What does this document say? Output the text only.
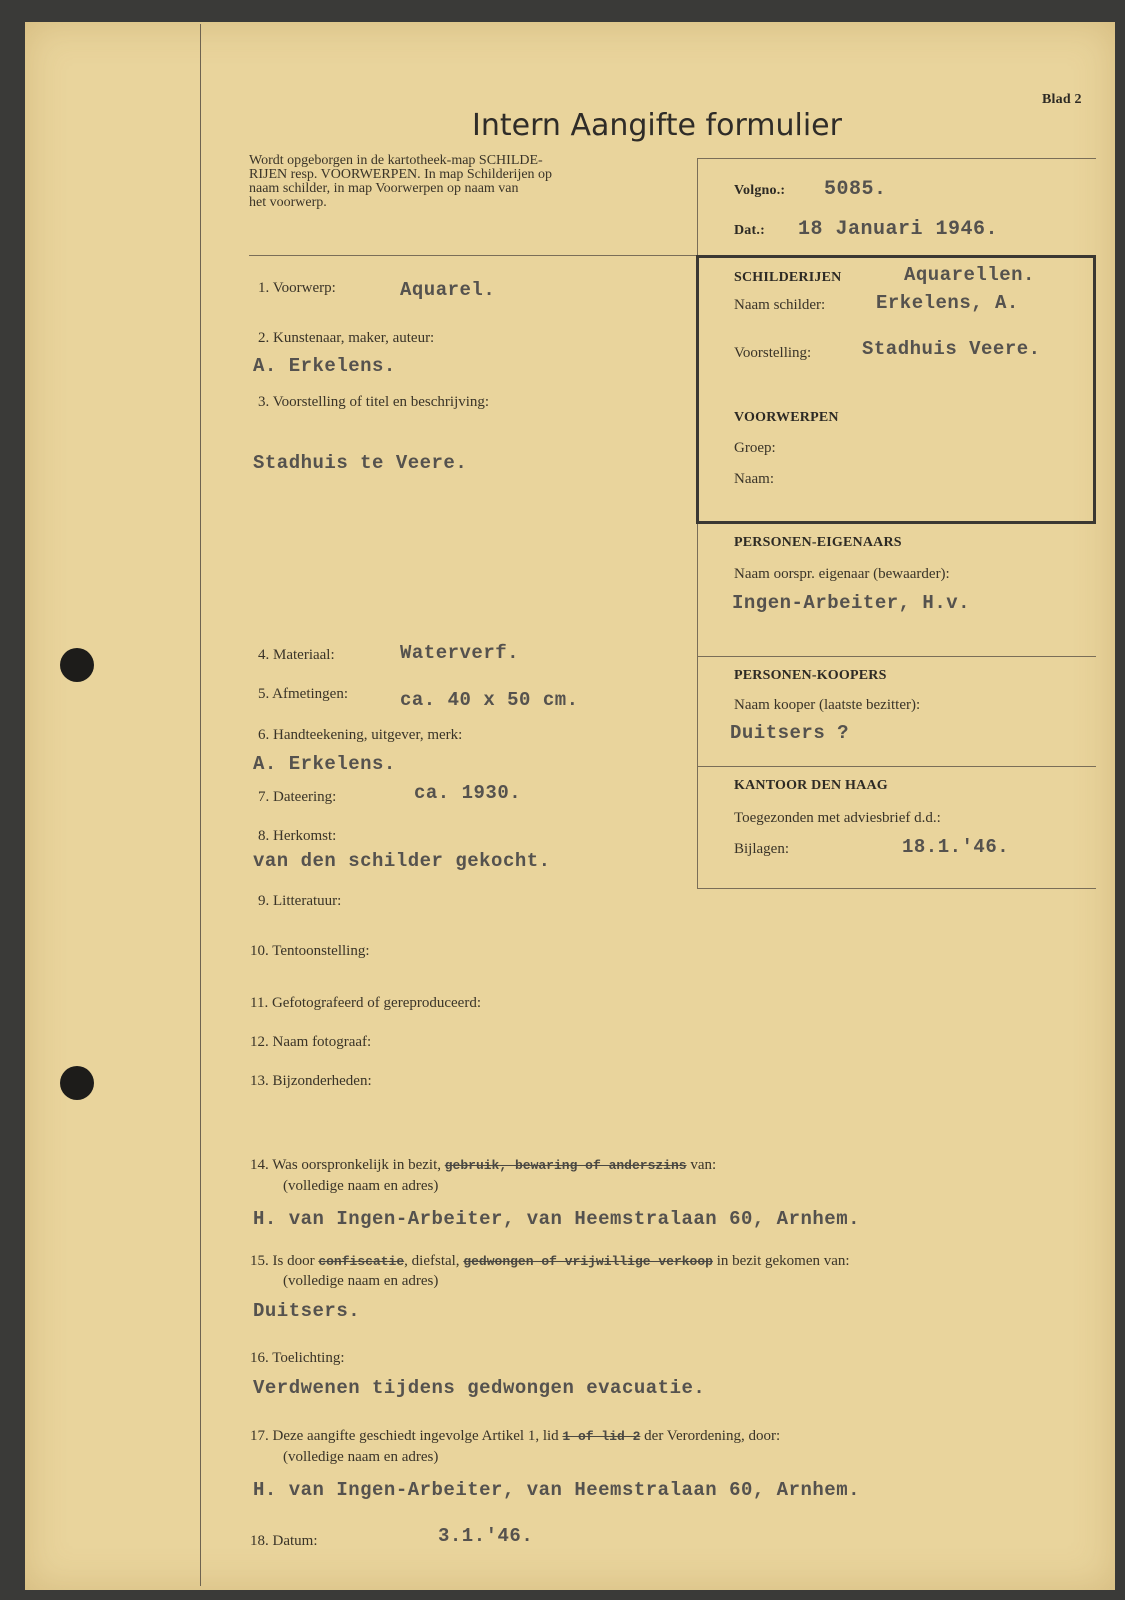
Blad 2
Intern Aangifte formulier
Wordt opgeborgen in de kartotheek-map SCHILDE-
RIJEN resp. VOORWERPEN. In map Schilderijen op
naam schilder, in map Voorwerpen op naam van
het voorwerp.
Volgno.: 5085.
Dat.: 18 Januari 1946.
SCHILDERIJEN	Aquarellen.
Naam schilder:	Erkelens, A.
Voorstelling:	Stadhuis Veere.
VOORWERPEN
Groep:
Naam:
PERSONEN-EIGENAARS
Naam oorspr. eigenaar (bewaarder):
Ingen-Arbeiter, H.v.
PERSONEN-KOOPERS
Naam kooper (laatste bezitter):
Duitsers ?
KANTOOR DEN HAAG
Toegezonden met adviesbrief d.d.:
Bijlagen:	18.1.'46.
1. Voorwerp:	Aquarel.
2. Kunstenaar, maker, auteur:
A. Erkelens.
3. Voorstelling of titel en beschrijving:
Stadhuis te Veere.
4. Materiaal:	Waterverf.
5. Afmetingen:	ca. 40 x 50 cm.
6. Handteekening, uitgever, merk:
A. Erkelens.
7. Dateering:	ca. 1930.
8. Herkomst:
van den schilder gekocht.
9. Litteratuur:
10. Tentoonstelling:
11. Gefotografeerd of gereproduceerd:
12. Naam fotograaf:
13. Bijzonderheden:
14. Was oorspronkelijk in bezit, gebruik, bewaring of anderszins van:
(volledige naam en adres)
H. van Ingen-Arbeiter, van Heemstralaan 60, Arnhem.
15. Is door confiscatie, diefstal, gedwongen of vrijwillige verkoop in bezit gekomen van:
(volledige naam en adres)
Duitsers.
16. Toelichting:
Verdwenen tijdens gedwongen evacuatie.
17. Deze aangifte geschiedt ingevolge Artikel 1, lid 1 of lid 2 der Verordening, door:
(volledige naam en adres)
H. van Ingen-Arbeiter, van Heemstralaan 60, Arnhem.
18. Datum:	3.1.'46.
